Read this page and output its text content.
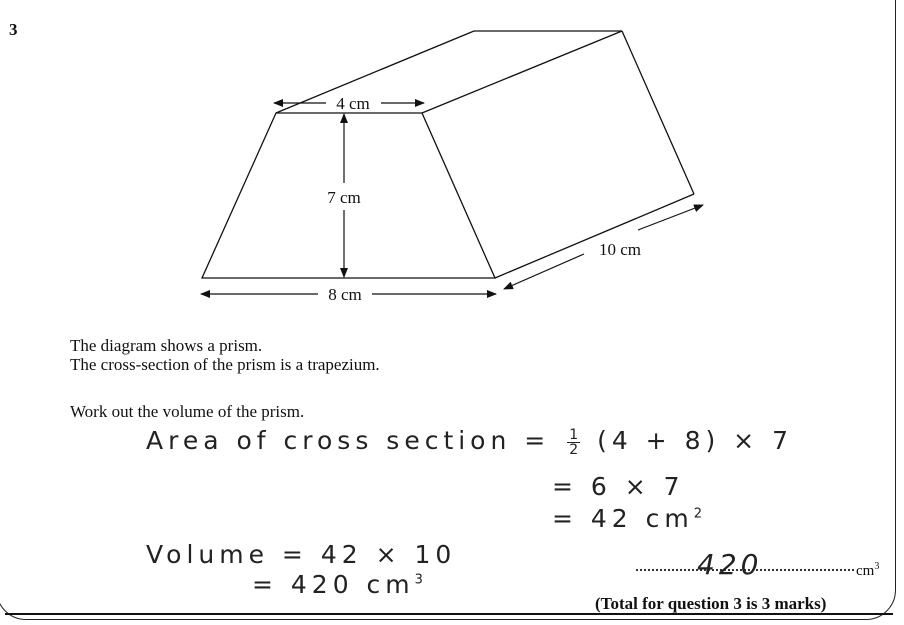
3
4 cm
7 cm
8 cm
10 cm
The diagram shows a prism.
The cross-section of the prism is a trapezium.
Work out the volume of the prism.
Area of cross section = $\frac{1}{2} (4 + 8) \times 7$
= 6 × 7
= 42 $cm^2$
Volume = 42 × 10
= 420 $cm^3$	420	$cm^3$
(Total for question 3 is 3 marks)
